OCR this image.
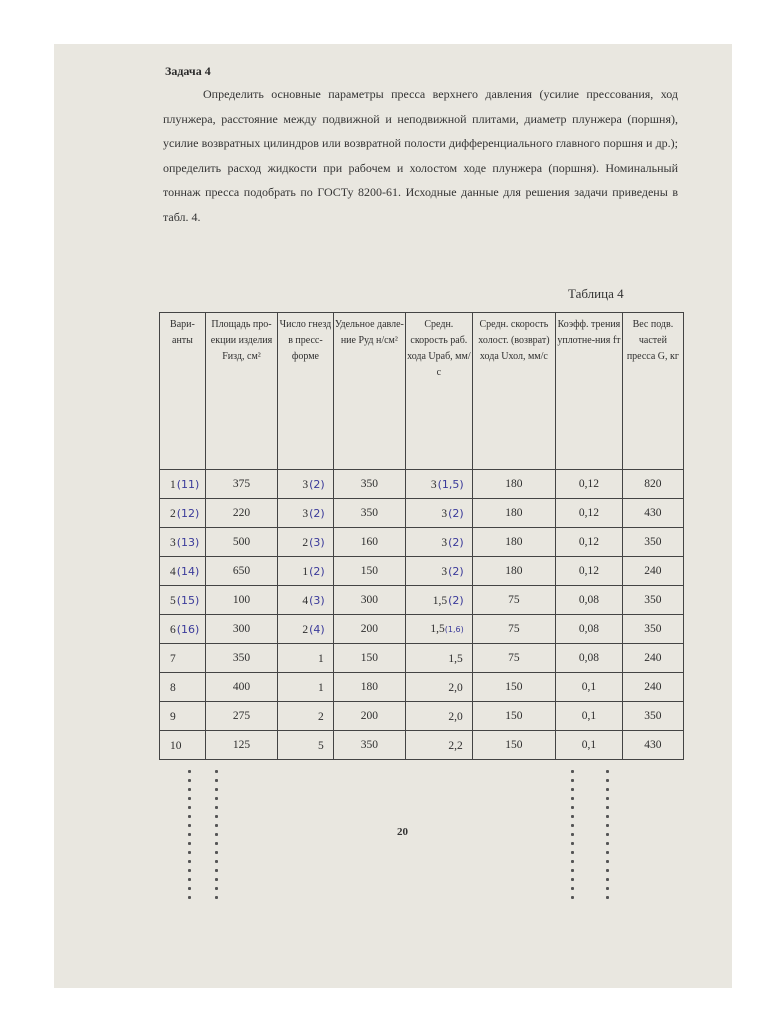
Задача 4
Определить основные параметры пресса верхнего давления (усилие прессования, ход плунжера, расстояние между подвижной и неподвижной плитами, диаметр плунжера (поршня), усилие возвратных цилиндров или возвратной полости дифференциального главного поршня и др.); определить расход жидкости при рабочем и холостом ходе плунжера (поршня). Номинальный тоннаж пресса подобрать по ГОСТу 8200-61. Исходные данные для решения задачи приведены в табл. 4.
Таблица 4
Вари-анты	Площадь про-екции изделия Fизд, см²	Число гнезд в пресс-форме	Удельное давле-ние Руд н/см²	Средн. скорость раб. хода Uраб, мм/с	Средн. скорость холост. (возврат) хода Uхол, мм/с	Коэфф. трения уплотне-ния fт	Вес подв. частей пресса G, кг
1(11)	375	3(2)	350	3(1,5)	180	0,12	820
2(12)	220	3(2)	350	3(2)	180	0,12	430
3(13)	500	2(3)	160	3(2)	180	0,12	350
4(14)	650	1(2)	150	3(2)	180	0,12	240
5(15)	100	4(3)	300	1,5(2)	75	0,08	350
6(16)	300	2(4)	200	1,5(1,6)	75	0,08	350
7	350	1	150	1,5	75	0,08	240
8	400	1	180	2,0	150	0,1	240
9	275	2	200	2,0	150	0,1	350
10	125	5	350	2,2	150	0,1	430
20
